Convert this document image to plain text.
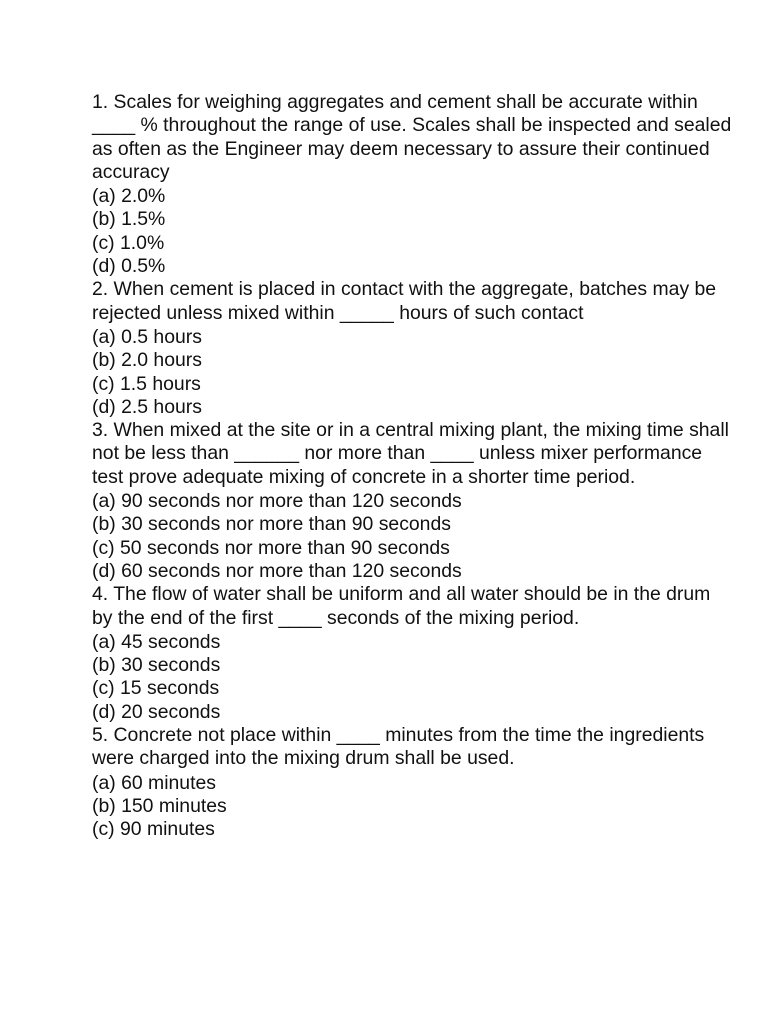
1. Scales for weighing aggregates and cement shall be accurate within ____ % throughout the range of use. Scales shall be inspected and sealed as often as the Engineer may deem necessary to assure their continued accuracy
(a) 2.0%
(b) 1.5%
(c) 1.0%
(d) 0.5%
2. When cement is placed in contact with the aggregate, batches may be rejected unless mixed within _____ hours of such contact
(a) 0.5 hours
(b) 2.0 hours
(c) 1.5 hours
(d) 2.5 hours
3. When mixed at the site or in a central mixing plant, the mixing time shall not be less than ______ nor more than ____ unless mixer performance test prove adequate mixing of concrete in a shorter time period.
(a) 90 seconds nor more than 120 seconds
(b) 30 seconds nor more than 90 seconds
(c) 50 seconds nor more than 90 seconds
(d) 60 seconds nor more than 120 seconds
4. The flow of water shall be uniform and all water should be in the drum by the end of the first ____ seconds of the mixing period.
(a) 45 seconds
(b) 30 seconds
(c) 15 seconds
(d) 20 seconds
5. Concrete not place within ____ minutes from the time the ingredients were charged into the mixing drum shall be used.
(a) 60 minutes
(b) 150 minutes
(c) 90 minutes
